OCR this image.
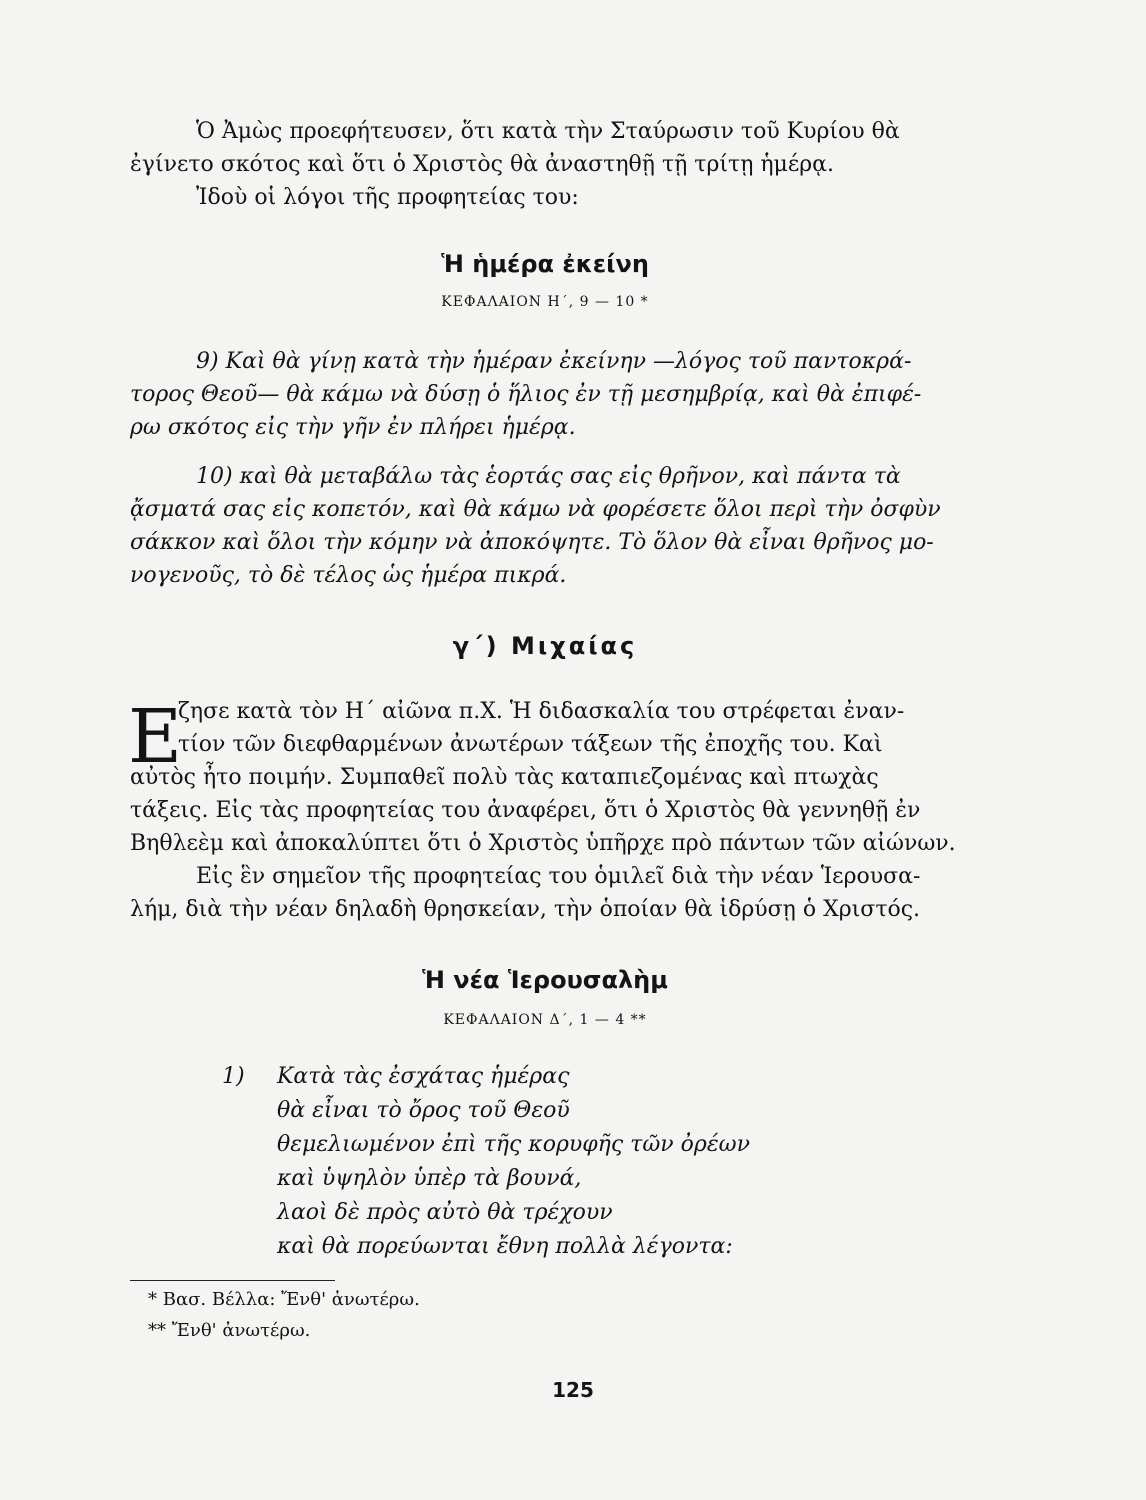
Ὁ Ἀμὼς προεφήτευσεν, ὅτι κατὰ τὴν Σταύρωσιν τοῦ Κυρίου θὰ
ἐγίνετο σκότος καὶ ὅτι ὁ Χριστὸς θὰ ἀναστηθῇ τῇ τρίτῃ ἡμέρᾳ.
Ἰδοὺ οἱ λόγοι τῆς προφητείας του:

Ἡ ἡμέρα ἐκείνη
ΚΕΦΑΛΑΙΟΝ Η΄, 9 — 10 *

9) Καὶ θὰ γίνῃ κατὰ τὴν ἡμέραν ἐκείνην —λόγος τοῦ παντοκρά-
τορος Θεοῦ— θὰ κάμω νὰ δύσῃ ὁ ἥλιος ἐν τῇ μεσημβρίᾳ, καὶ θὰ ἐπιφέ-
ρω σκότος εἰς τὴν γῆν ἐν πλήρει ἡμέρᾳ.

10) καὶ θὰ μεταβάλω τὰς ἑορτάς σας εἰς θρῆνον, καὶ πάντα τὰ
ᾄσματά σας εἰς κοπετόν, καὶ θὰ κάμω νὰ φορέσετε ὅλοι περὶ τὴν ὀσφὺν
σάκκον καὶ ὅλοι τὴν κόμην νὰ ἀποκόψητε. Τὸ ὅλον θὰ εἶναι θρῆνος μο-
νογενοῦς, τὸ δὲ τέλος ὡς ἡμέρα πικρά.

γ΄) Μιχαίας
Ε

ζησε κατὰ τὸν Η΄ αἰῶνα π.Χ. Ἡ διδασκαλία του στρέφεται ἐναν-
τίον τῶν διεφθαρμένων ἀνωτέρων τάξεων τῆς ἐποχῆς του. Καὶ
αὐτὸς ἦτο ποιμήν. Συμπαθεῖ πολὺ τὰς καταπιεζομένας καὶ πτωχὰς
τάξεις. Εἰς τὰς προφητείας του ἀναφέρει, ὅτι ὁ Χριστὸς θὰ γεννηθῇ ἐν
Βηθλεὲμ καὶ ἀποκαλύπτει ὅτι ὁ Χριστὸς ὑπῆρχε πρὸ πάντων τῶν αἰώνων.
Εἰς ἓν σημεῖον τῆς προφητείας του ὁμιλεῖ διὰ τὴν νέαν Ἱερουσα-
λήμ, διὰ τὴν νέαν δηλαδὴ θρησκείαν, τὴν ὁποίαν θὰ ἱδρύσῃ ὁ Χριστός.

Ἡ νέα Ἱερουσαλὴμ
ΚΕΦΑΛΑΙΟΝ Δ΄, 1 — 4 **
1)	Κατὰ τὰς ἐσχάτας ἡμέρας
θὰ εἶναι τὸ ὄρος τοῦ Θεοῦ
θεμελιωμένον ἐπὶ τῆς κορυφῆς τῶν ὀρέων
καὶ ὑψηλὸν ὑπὲρ τὰ βουνά,
λαοὶ δὲ πρὸς αὐτὸ θὰ τρέχουν
καὶ θὰ πορεύωνται ἔθνη πολλὰ λέγοντα:
* Βασ. Βέλλα: Ἔνθ' ἀνωτέρω.
** Ἔνθ' ἀνωτέρω.
125
